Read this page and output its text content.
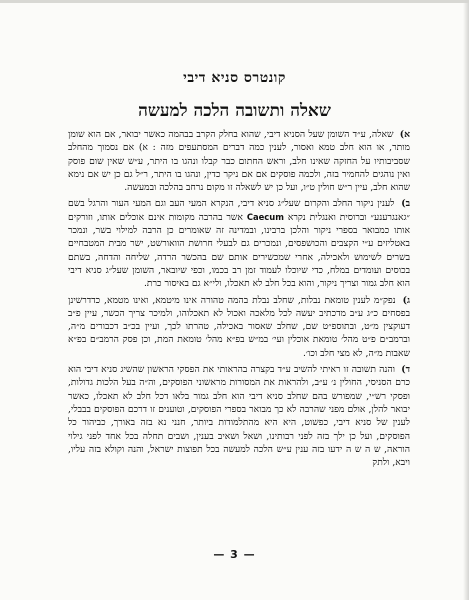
קונטרס סניא דיבי
שאלה ותשובה הלכה למעשה

א) שאלה, ע״ד השומן שעל הסניא דיבי, שהוא בחלק הקרב בבהמה כאשר יבואר, אם הוא שומן מותר, או הוא חלב טמא ואסור, לענין כמה דברים המסתעפים מזה : א) אם נסמוך מהחלב שסביבותיו על החזקה שאינו חלב, וראש החתום כבר קבלו ונהגו בו היתר, ע״ש שאין שום פוסק ואין נוהגים להחמיר בזה, ולכמה פוסקים אם אם ניקר כדין, ונהגו בו היתר, ר״ל גם כן יש אם נימא שהוא חלב, עיין ר״ש חולין ט״ו, ועל כן יש לשאלה זו מקום נרחב בהלכה ובמעשה.

ב) לענין ניקור החלב והקרום שעל״ג סניא דיבי, הנקרא המעי העב וגם המעי העור והרגל בשם ״גאנגרענע״ וברוסית ואנגלית נקרא Caecum אשר בהרבה מקומות אינם אוכלים אותו, וזורקים אותו כמבואר בספרי ניקור והלכן ברבינו, ובמדינה זה שאומרים כן הרבה למילוי בשר, ונמכר באטליזים ע״י הקצבים והכושפסים, ונמכרים גם לבעלי חרושת הוואורשט, ישר מבית המטבחיים בשרים לשימוש ולאכילה, אחרי שמכשירים אותם שם בהכשר הרדה, שליחה והדחה, בשתם בכוסים ועומדים במלח, כדי שיוכלו לעמוד זמן רב בכמו, וכפי שיובאר, השומן שעל״ג סניא דיבי הוא חלב גמור וצריך ניקור, והוא בכל חלב לא תאכלו, ולי״א גם באיסור כרת.

ג) נפק״מ לענין טומאת נבלות, שחלב נבלת בהמה טהורה אינו מיטמא, ואינו מטמא, כדדרשינן בפסחים כ״ג ע״ב מדכתיב יעשה לכל מלאכה ואכול לא תאכלוהו, ולמיכר צריך הכשר, עיין פ״ב דעוקצין מ״ט, ובתוספ״ט שם, שחלב שאסור באכילה, טהרתו לכך, ועיין בכ״ב דכבורים מ״ה, וברמב״ם פ״ט מהל׳ טומאת אוכלין ועי׳ במ״ש בפ״א מהל׳ טומאת המת, וכן פסק הרמב״ם בפ״א שאבות מ״ה, לא מצי חלב וכו׳.

ד) והנה תשובה זו ראיתי להשיב ע״ד בקצרה בהראותי את הפסקי הראשון שהשיג סניא דיבי הוא כרם הסניסי, החולין נ׳ ע״ב, ולהראות את המסורות מראשוני הפוסקים, וה״ה בעל הלכות גדולות, ופסקי רש״י, שמפורש בהם שחלב סניא דיבי הוא חלב גמור בלאו דכל חלב לא תאכלו, כאשר יבואר להלן, אולם מפני שהרבה לא כך מבואר בספרי הפוסקים, וטוענים זו דרכם הפוסקים בבבלי, לענין של סניא דיבי, כפשוט, היא היא מהתלמודות ביותר, חנני נא בזה באורך, כביהור כל הפוסקים, ועל כן ילך בזה לפני רבותינו, ושאל ושאיב בענין, ושבים תחלה בכל אחד לפני גילוי הוראה, ש ה ש ה ידעו בזה ענין ע״ש הלכה למעשה בכל תפוצות ישראל, והנה וקולא בזה עליו, ויבא, ולתק

— 3 —
